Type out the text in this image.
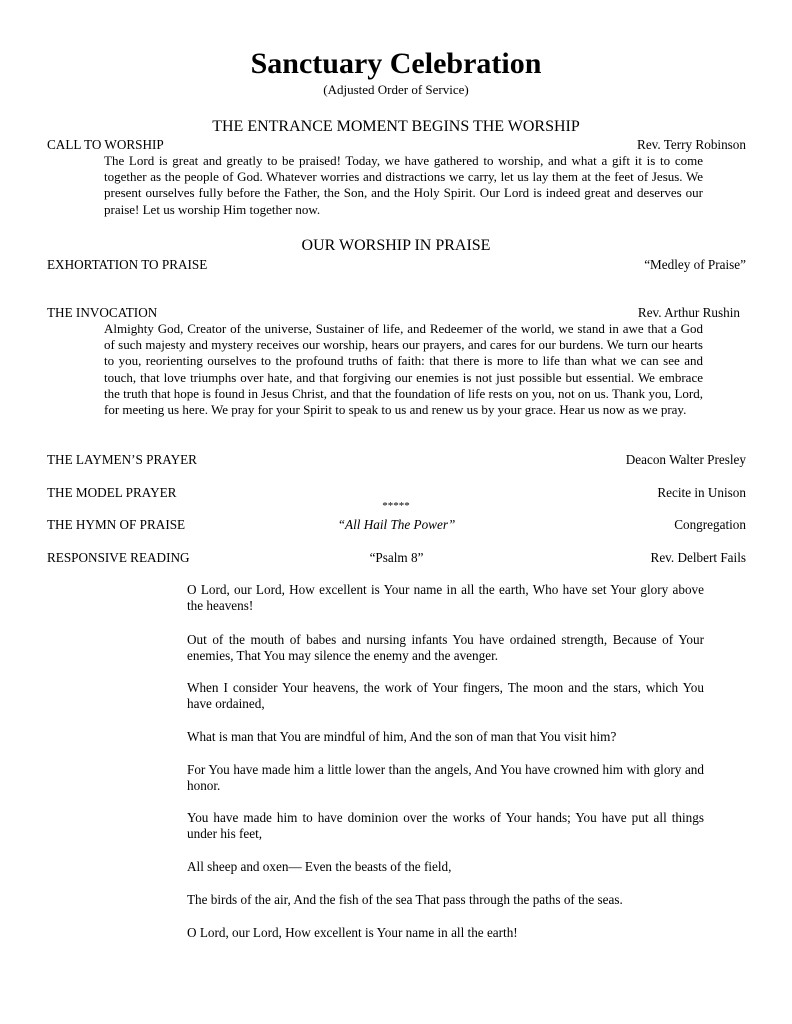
Sanctuary Celebration
(Adjusted Order of Service)
THE ENTRANCE MOMENT BEGINS THE WORSHIP
CALL TO WORSHIP	Rev. Terry Robinson

The Lord is great and greatly to be praised! Today, we have gathered to worship, and what a gift it is to come together as the people of God. Whatever worries and distractions we carry, let us lay them at the feet of Jesus. We present ourselves fully before the Father, the Son, and the Holy Spirit. Our Lord is indeed great and deserves our praise! Let us worship Him together now.

OUR WORSHIP IN PRAISE
EXHORTATION TO PRAISE	“Medley of Praise”
THE INVOCATION	Rev. Arthur Rushin

Almighty God, Creator of the universe, Sustainer of life, and Redeemer of the world, we stand in awe that a God of such majesty and mystery receives our worship, hears our prayers, and cares for our burdens. We turn our hearts to you, reorienting ourselves to the profound truths of faith: that there is more to life than what we can see and touch, that love triumphs over hate, and that forgiving our enemies is not just possible but essential. We embrace the truth that hope is found in Jesus Christ, and that the foundation of life rests on you, not on us. Thank you, Lord, for meeting us here. We pray for your Spirit to speak to us and renew us by your grace. Hear us now as we pray.

THE LAYMEN’S PRAYER	Deacon Walter Presley
THE MODEL PRAYER	Recite in Unison
*****
THE HYMN OF PRAISE	“All Hail The Power”	Congregation
RESPONSIVE READING	“Psalm 8”	Rev. Delbert Fails

O Lord, our Lord, How excellent is Your name in all the earth, Who have set Your glory above the heavens!

Out of the mouth of babes and nursing infants You have ordained strength, Because of Your enemies, That You may silence the enemy and the avenger.

When I consider Your heavens, the work of Your fingers, The moon and the stars, which You have ordained,

What is man that You are mindful of him, And the son of man that You visit him?

For You have made him a little lower than the angels, And You have crowned him with glory and honor.

You have made him to have dominion over the works of Your hands; You have put all things under his feet,

All sheep and oxen— Even the beasts of the field,

The birds of the air, And the fish of the sea That pass through the paths of the seas.

O Lord, our Lord, How excellent is Your name in all the earth!
